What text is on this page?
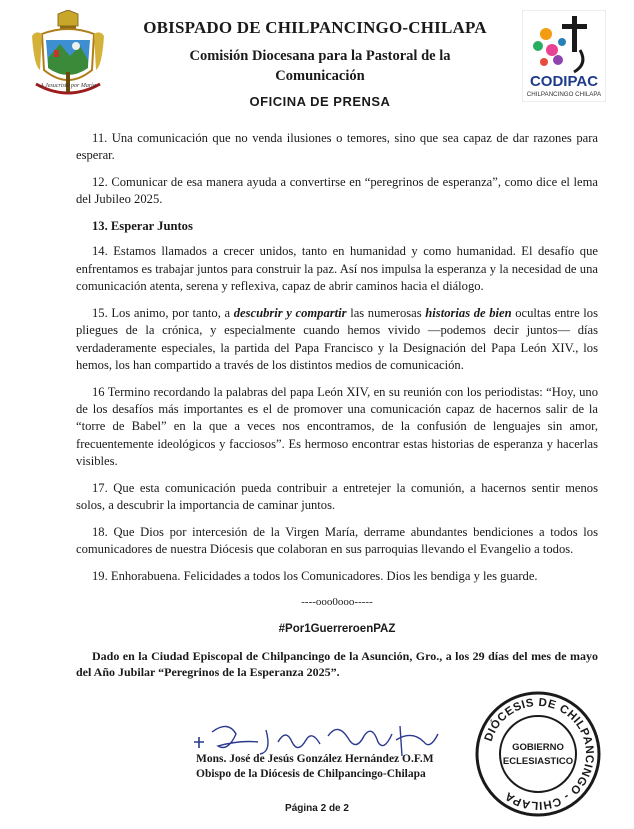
A Jesucristo por María
OBISPADO DE CHILPANCINGO-CHILAPA
Comisión Diocesana para la Pastoral de la
Comunicación
OFICINA DE PRENSA
CODIPAC
CHILPANCINGO CHILAPA

11. Una comunicación que no venda ilusiones o temores, sino que sea capaz de dar razones para esperar.

12. Comunicar de esa manera ayuda a convertirse en “peregrinos de esperanza”, como dice el lema del Jubileo 2025.

13. Esperar Juntos

14. Estamos llamados a crecer unidos, tanto en humanidad y como humanidad. El desafío que enfrentamos es trabajar juntos para construir la paz. Así nos impulsa la esperanza y la necesidad de una comunicación atenta, serena y reflexiva, capaz de abrir caminos hacia el diálogo.

15. Los animo, por tanto, a descubrir y compartir las numerosas historias de bien ocultas entre los pliegues de la crónica, y especialmente cuando hemos vivido —podemos decir juntos— días verdaderamente especiales, la partida del Papa Francisco y la Designación del Papa León XIV., los hemos, los han compartido a través de los distintos medios de comunicación.

16 Termino recordando la palabras del papa León XIV, en su reunión con los periodistas: “Hoy, uno de los desafíos más importantes es el de promover una comunicación capaz de hacernos salir de la “torre de Babel” en la que a veces nos encontramos, de la confusión de lenguajes sin amor, frecuentemente ideológicos y facciosos”. Es hermoso encontrar estas historias de esperanza y hacerlas visibles.

17. Que esta comunicación pueda contribuir a entretejer la comunión, a hacernos sentir menos solos, a descubrir la importancia de caminar juntos.

18. Que Dios por intercesión de la Virgen María, derrame abundantes bendiciones a todos los comunicadores de nuestra Diócesis que colaboran en sus parroquias llevando el Evangelio a todos.

19. Enhorabuena. Felicidades a todos los Comunicadores. Dios les bendiga y les guarde.

----ooo0ooo-----

#Por1GuerreroenPAZ

Dado en la Ciudad Episcopal de Chilpancingo de la Asunción, Gro., a los 29 días del mes de mayo del Año Jubilar “Peregrinos de la Esperanza 2025”.

Mons. José de Jesús González Hernández O.F.M
Obispo de la Diócesis de Chilpancingo-Chilapa
DIÓCESIS DE CHILPANCINGO - CHILAPA
GOBIERNO
ECLESIASTICO
Página 2 de 2
